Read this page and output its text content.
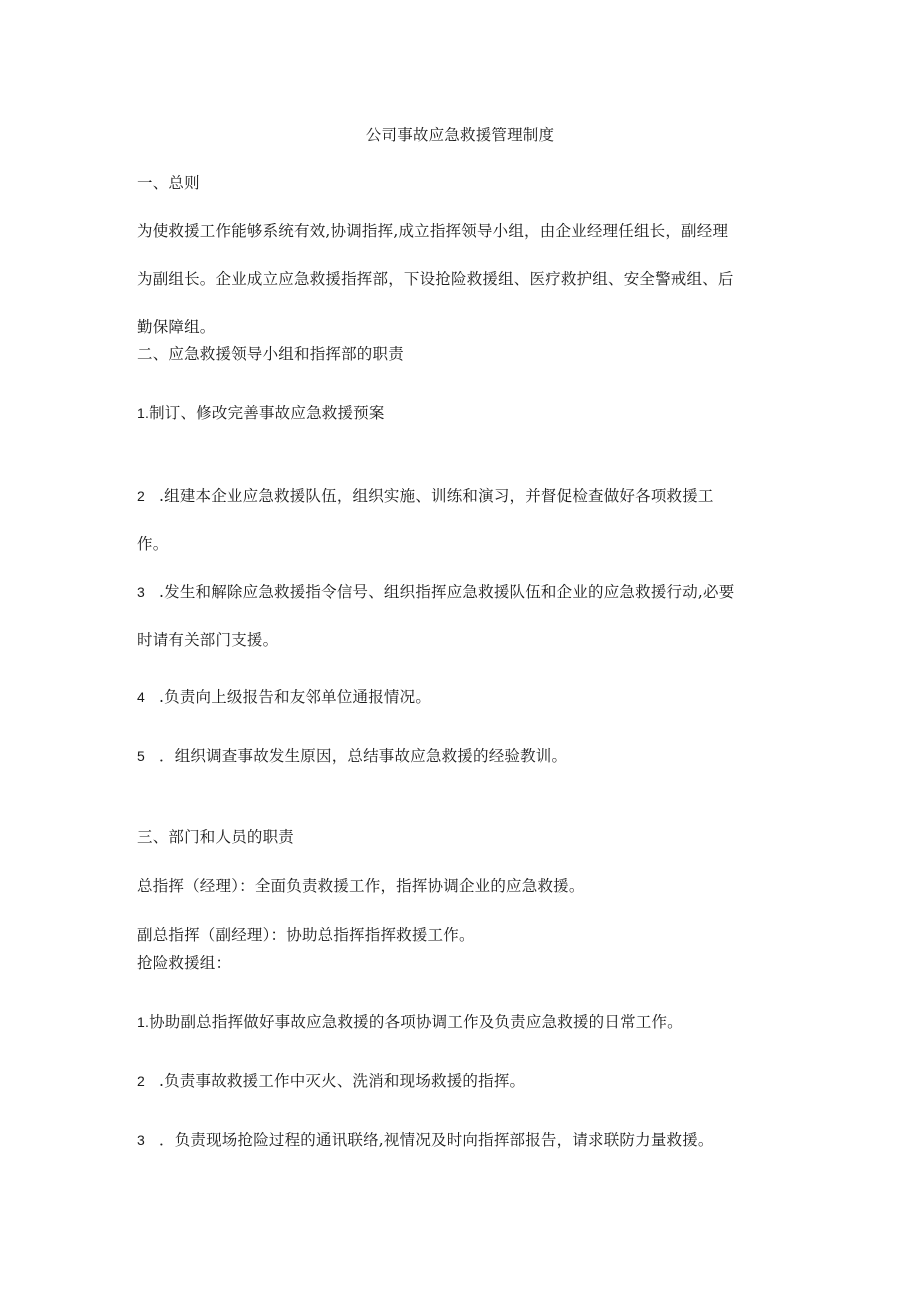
公司事故应急救援管理制度
一、总则
为使救援工作能够系统有效,协调指挥,成立指挥领导小组，由企业经理任组长，副经理
为副组长。企业成立应急救援指挥部，下设抢险救援组、医疗救护组、安全警戒组、后
勤保障组。
二、应急救援领导小组和指挥部的职责
1.制订、修改完善事故应急救援预案
2 .组建本企业应急救援队伍，组织实施、训练和演习，并督促检查做好各项救援工
作。
3 .发生和解除应急救援指令信号、组织指挥应急救援队伍和企业的应急救援行动,必要
时请有关部门支援。
4 .负责向上级报告和友邻单位通报情况。
5 ．组织调查事故发生原因，总结事故应急救援的经验教训。
三、部门和人员的职责
总指挥（经理）：全面负责救援工作，指挥协调企业的应急救援。
副总指挥（副经理）：协助总指挥指挥救援工作。
抢险救援组：
1.协助副总指挥做好事故应急救援的各项协调工作及负责应急救援的日常工作。
2 .负责事故救援工作中灭火、洗消和现场救援的指挥。
3 ．负责现场抢险过程的通讯联络,视情况及时向指挥部报告，请求联防力量救援。
